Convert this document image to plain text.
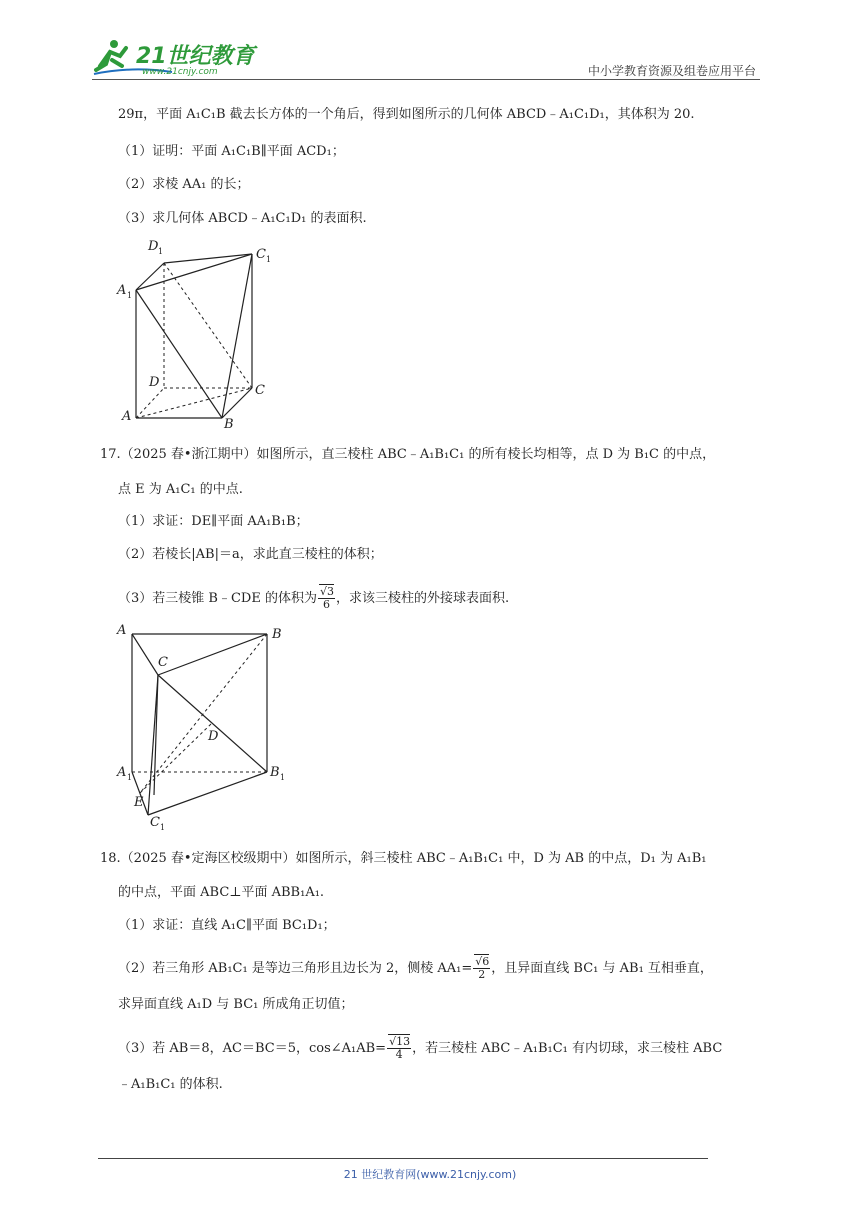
21世纪教育
www.21cnjy.com	中小学教育资源及组卷应用平台
29π，平面 A₁C₁B 截去长方体的一个角后，得到如图所示的几何体 ABCD﹣A₁C₁D₁，其体积为 20.
（1）证明：平面 A₁C₁B∥平面 ACD₁；
（2）求棱 AA₁ 的长；
（3）求几何体 ABCD﹣A₁C₁D₁ 的表面积.
D 1	C 1
A 1
D
C
A
B
17.（2025 春•浙江期中）如图所示，直三棱柱 ABC﹣A₁B₁C₁ 的所有棱长均相等，点 D 为 B₁C 的中点，
点 E 为 A₁C₁ 的中点.
（1）求证：DE∥平面 AA₁B₁B；
（2）若棱长|AB|＝a，求此直三棱柱的体积；
（3）若三棱锥 B﹣CDE 的体积为 $\frac{√3}{6}$ ，求该三棱柱的外接球表面积.
A	B
C
D
A 1	B 1
E
C 1
18.（2025 春•定海区校级期中）如图所示，斜三棱柱 ABC﹣A₁B₁C₁ 中，D 为 AB 的中点，D₁ 为 A₁B₁
的中点，平面 ABC⊥平面 ABB₁A₁.
（1）求证：直线 A₁C∥平面 BC₁D₁；
（2）若三角形 AB₁C₁ 是等边三角形且边长为 2，侧棱 $AA_1= \frac{√6}{2}$ ，且异面直线 BC₁ 与 AB₁ 互相垂直，
求异面直线 A₁D 与 BC₁ 所成角正切值；
（3）若 AB＝8，AC＝BC＝5，cos∠A₁AB= $\frac{√13}{4}$ ，若三棱柱 ABC﹣A₁B₁C₁ 有内切球，求三棱柱 ABC
﹣A₁B₁C₁ 的体积.
21 世纪教育网(www.21cnjy.com)
